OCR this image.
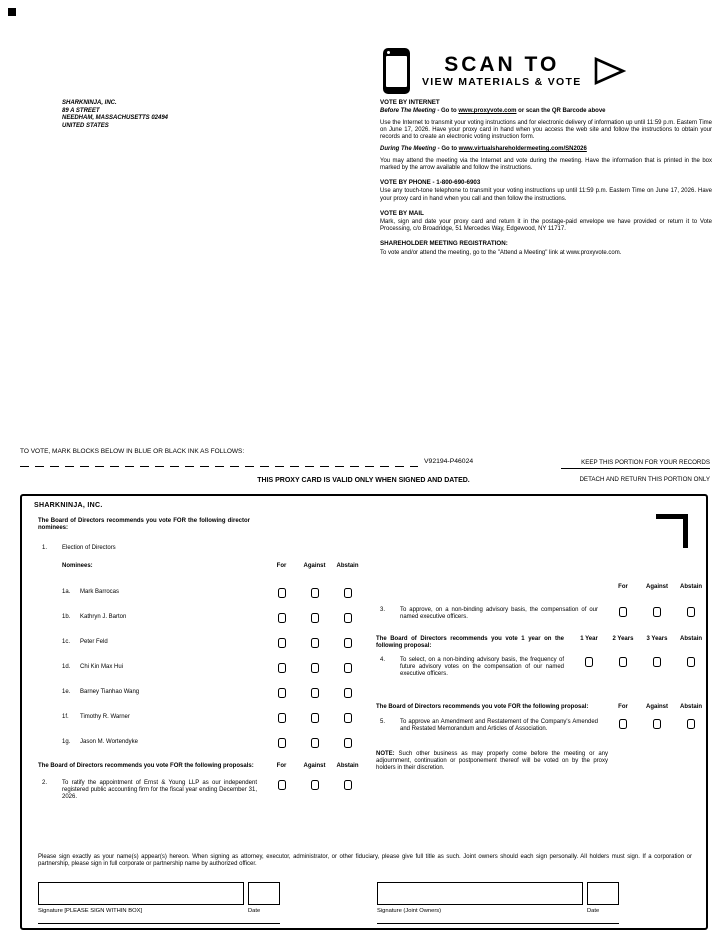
SHARKNINJA, INC.
89 A STREET
NEEDHAM, MASSACHUSETTS 02494
UNITED STATES
SCAN TO
VIEW MATERIALS & VOTE
VOTE BY INTERNET

Before The Meeting - Go to www.proxyvote.com or scan the QR Barcode above

Use the Internet to transmit your voting instructions and for electronic delivery of information up until 11:59 p.m. Eastern Time on June 17, 2026. Have your proxy card in hand when you access the web site and follow the instructions to obtain your records and to create an electronic voting instruction form.

During The Meeting - Go to www.virtualshareholdermeeting.com/SN2026

You may attend the meeting via the Internet and vote during the meeting. Have the information that is printed in the box marked by the arrow available and follow the instructions.

VOTE BY PHONE - 1-800-690-6903

Use any touch-tone telephone to transmit your voting instructions up until 11:59 p.m. Eastern Time on June 17, 2026. Have your proxy card in hand when you call and then follow the instructions.

VOTE BY MAIL

Mark, sign and date your proxy card and return it in the postage-paid envelope we have provided or return it to Vote Processing, c/o Broadridge, 51 Mercedes Way, Edgewood, NY 11717.

SHAREHOLDER MEETING REGISTRATION:

To vote and/or attend the meeting, go to the "Attend a Meeting" link at www.proxyvote.com.

TO VOTE, MARK BLOCKS BELOW IN BLUE OR BLACK INK AS FOLLOWS:
V92194-P46024	KEEP THIS PORTION FOR YOUR RECORDS
THIS PROXY CARD IS VALID ONLY WHEN SIGNED AND DATED.	DETACH AND RETURN THIS PORTION ONLY
SHARKNINJA, INC.
The Board of Directors recommends you vote FOR the following director nominees:
1.	Election of Directors
Nominees:	For	Against	Abstain
1a.	Mark Barrocas
1b.	Kathryn J. Barton
1c.	Peter Feld
1d.	Chi Kin Max Hui
1e.	Barney Tianhao Wang
1f.	Timothy R. Warner
1g.	Jason M. Wortendyke
The Board of Directors recommends you vote FOR the following proposals:	For	Against	Abstain
2.	To ratify the appointment of Ernst & Young LLP as our independent registered public accounting firm for the fiscal year ending December 31, 2026.
For	Against	Abstain
3.	To approve, on a non-binding advisory basis, the compensation of our named executive officers.
The Board of Directors recommends you vote 1 year on the following proposal:
1 Year	2 Years	3 Years	Abstain
4.	To select, on a non-binding advisory basis, the frequency of future advisory votes on the compensation of our named executive officers.
The Board of Directors recommends you vote FOR the following proposal:	For	Against	Abstain
5.	To approve an Amendment and Restatement of the Company's Amended and Restated Memorandum and Articles of Association.
NOTE: Such other business as may properly come before the meeting or any adjournment, continuation or postponement thereof will be voted on by the proxy holders in their discretion.
Please sign exactly as your name(s) appear(s) hereon. When signing as attorney, executor, administrator, or other fiduciary, please give full title as such. Joint owners should each sign personally. All holders must sign. If a corporation or partnership, please sign in full corporate or partnership name by authorized officer.
Signature [PLEASE SIGN WITHIN BOX]	Date	Signature (Joint Owners)	Date
